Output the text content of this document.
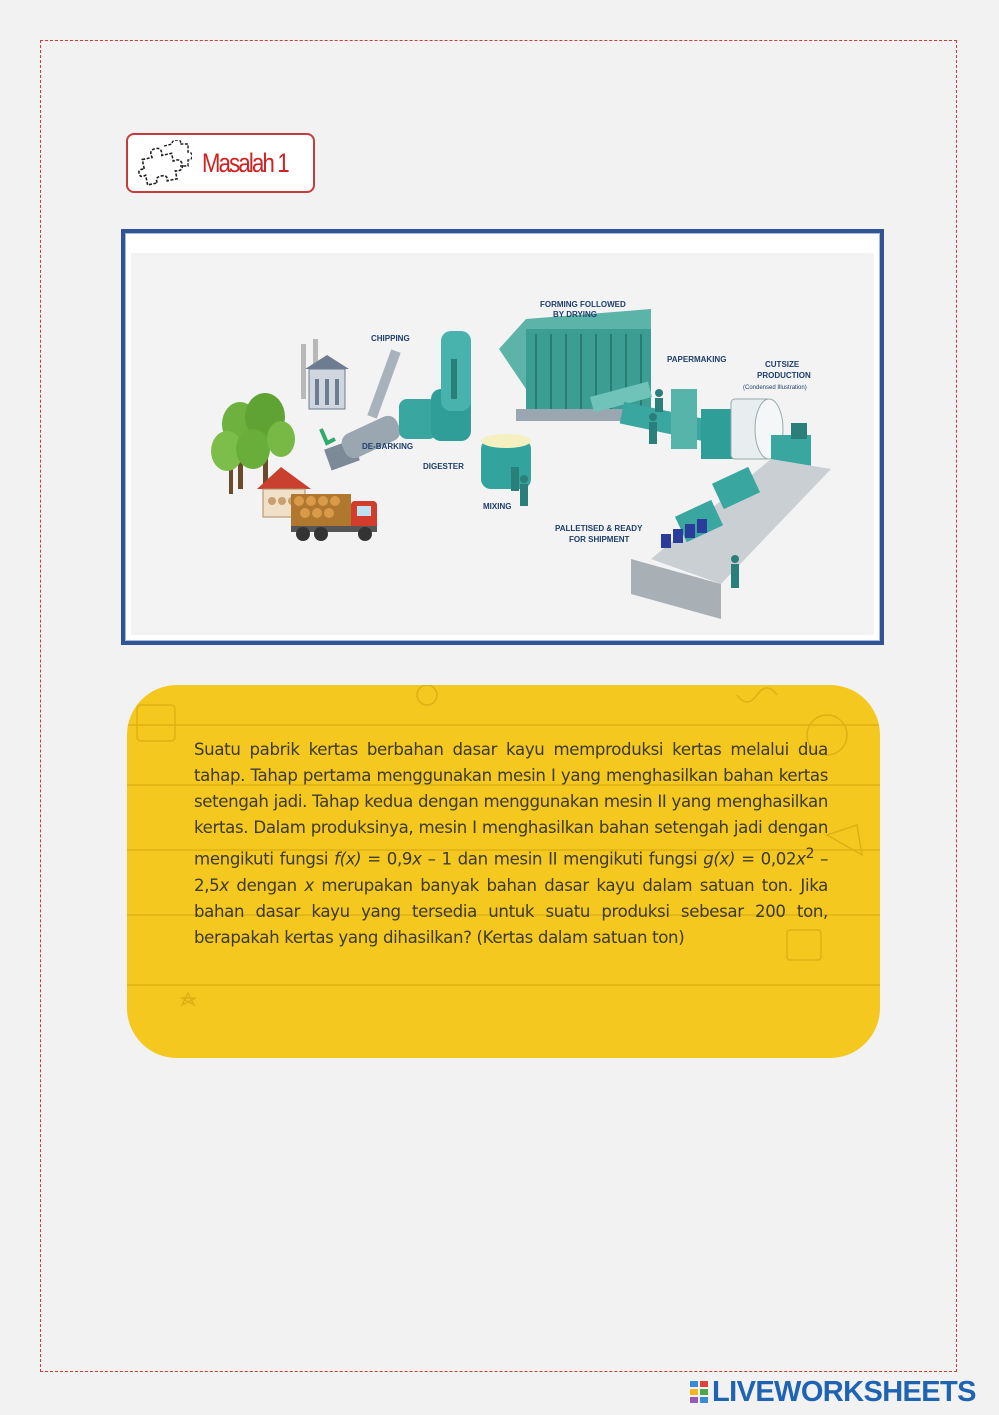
Masalah 1
CHIPPING
DE-BARKING
DIGESTER
MIXING
FORMING FOLLOWED
BY DRYING
PAPERMAKING
CUTSIZE
PRODUCTION
(Condensed Illustration)
PALLETISED & READY
FOR SHIPMENT
Suatu pabrik kertas berbahan dasar kayu memproduksi kertas melalui dua tahap. Tahap pertama menggunakan mesin I yang menghasilkan bahan kertas setengah jadi. Tahap kedua dengan menggunakan mesin II yang menghasilkan kertas. Dalam produksinya, mesin I menghasilkan bahan setengah jadi dengan mengikuti fungsi f(x) = 0,9x – 1 dan mesin II mengikuti fungsi $g(x) = 0,02x^2 - 2,5x$ dengan x merupakan banyak bahan dasar kayu dalam satuan ton. Jika bahan dasar kayu yang tersedia untuk suatu produksi sebesar 200 ton, berapakah kertas yang dihasilkan? (Kertas dalam satuan ton)
LIVEWORKSHEETS
